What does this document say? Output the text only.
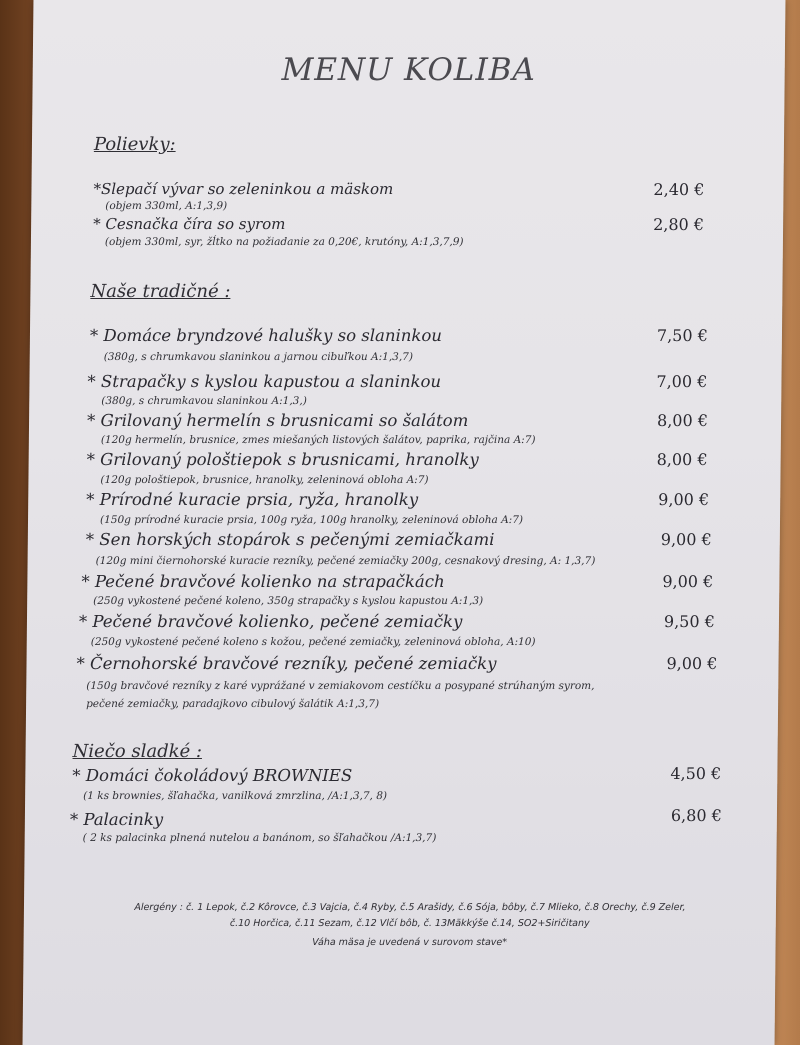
MENU KOLIBA
Polievky:
*Slepačí vývar so zeleninkou a mäskom	2,40 €
(objem 330ml, A:1,3,9)
* Cesnačka číra so syrom	2,80 €
(objem 330ml, syr, žĺtko na požiadanie za 0,20€, krutóny, A:1,3,7,9)
Naše tradičné :
* Domáce bryndzové halušky so slaninkou	7,50 €
(380g, s chrumkavou slaninkou a jarnou cibuľkou A:1,3,7)
* Strapačky s kyslou kapustou a slaninkou	7,00 €
(380g, s chrumkavou slaninkou A:1,3,)
* Grilovaný hermelín s brusnicami so šalátom	8,00 €
(120g hermelín, brusnice, zmes miešaných listových šalátov, paprika, rajčina A:7)
* Grilovaný pološtiepok s brusnicami, hranolky	8,00 €
(120g pološtiepok, brusnice, hranolky, zeleninová obloha A:7)
* Prírodné kuracie prsia, ryža, hranolky	9,00 €
(150g prírodné kuracie prsia, 100g ryža, 100g hranolky, zeleninová obloha A:7)
* Sen horských stopárok s pečenými zemiačkami	9,00 €
(120g mini čiernohorské kuracie rezníky, pečené zemiačky 200g, cesnakový dresing, A: 1,3,7)
* Pečené bravčové kolienko na strapačkách	9,00 €
(250g vykostené pečené koleno, 350g strapačky s kyslou kapustou A:1,3)
* Pečené bravčové kolienko, pečené zemiačky	9,50 €
(250g vykostené pečené koleno s kožou, pečené zemiačky, zeleninová obloha, A:10)
* Černohorské bravčové rezníky, pečené zemiačky	9,00 €
(150g bravčové rezníky z karé vyprážané v zemiakovom cestíčku a posypané strúhaným syrom,
pečené zemiačky, paradajkovo cibulový šalátik A:1,3,7)
Niečo sladké :
* Domáci čokoládový BROWNIES	4,50 €
(1 ks brownies, šľahačka, vanilková zmrzlina, /A:1,3,7, 8)
* Palacinky	6,80 €
( 2 ks palacinka plnená nutelou a banánom, so šľahačkou /A:1,3,7)
Alergény : č. 1 Lepok, č.2 Kôrovce, č.3 Vajcia, č.4 Ryby, č.5 Arašidy, č.6 Sója, bôby, č.7 Mlieko, č.8 Orechy, č.9 Zeler,
č.10 Horčica, č.11 Sezam, č.12 Vlčí bôb, č. 13Mäkkýše č.14, SO2+Siričitany
Váha mäsa je uvedená v surovom stave*
